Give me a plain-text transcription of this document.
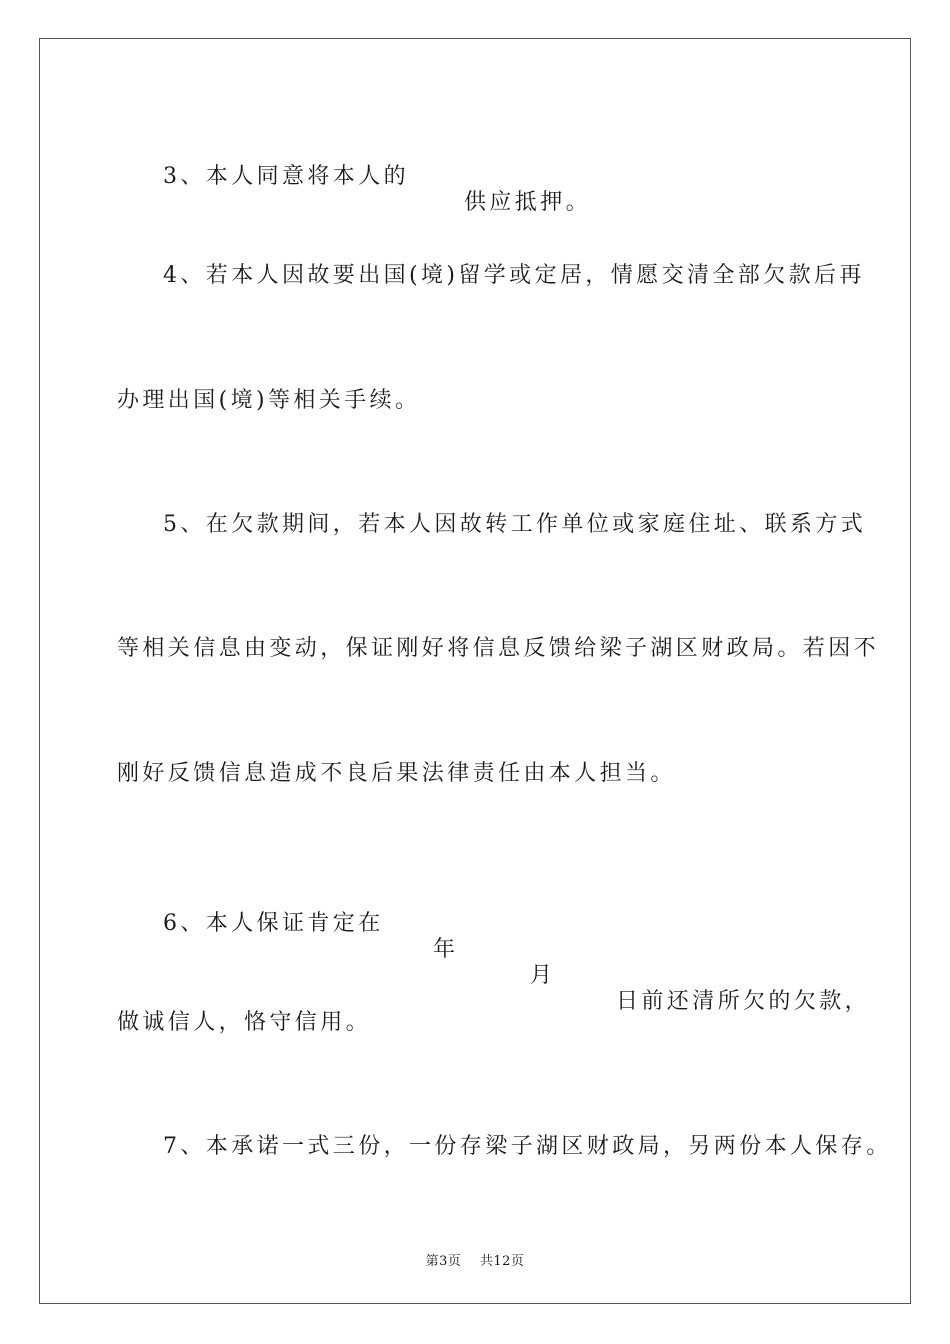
3、本人同意将本人的

供应抵押。

4、若本人因故要出国(境)留学或定居，情愿交清全部欠款后再
办理出国(境)等相关手续。
5、在欠款期间，若本人因故转工作单位或家庭住址、联系方式
等相关信息由变动，保证刚好将信息反馈给梁子湖区财政局。若因不
刚好反馈信息造成不良后果法律责任由本人担当。

6、本人保证肯定在

年

月

日前还清所欠的欠款，

做诚信人，恪守信用。
7、本承诺一式三份，一份存梁子湖区财政局，另两份本人保存。
第3页 共12页
